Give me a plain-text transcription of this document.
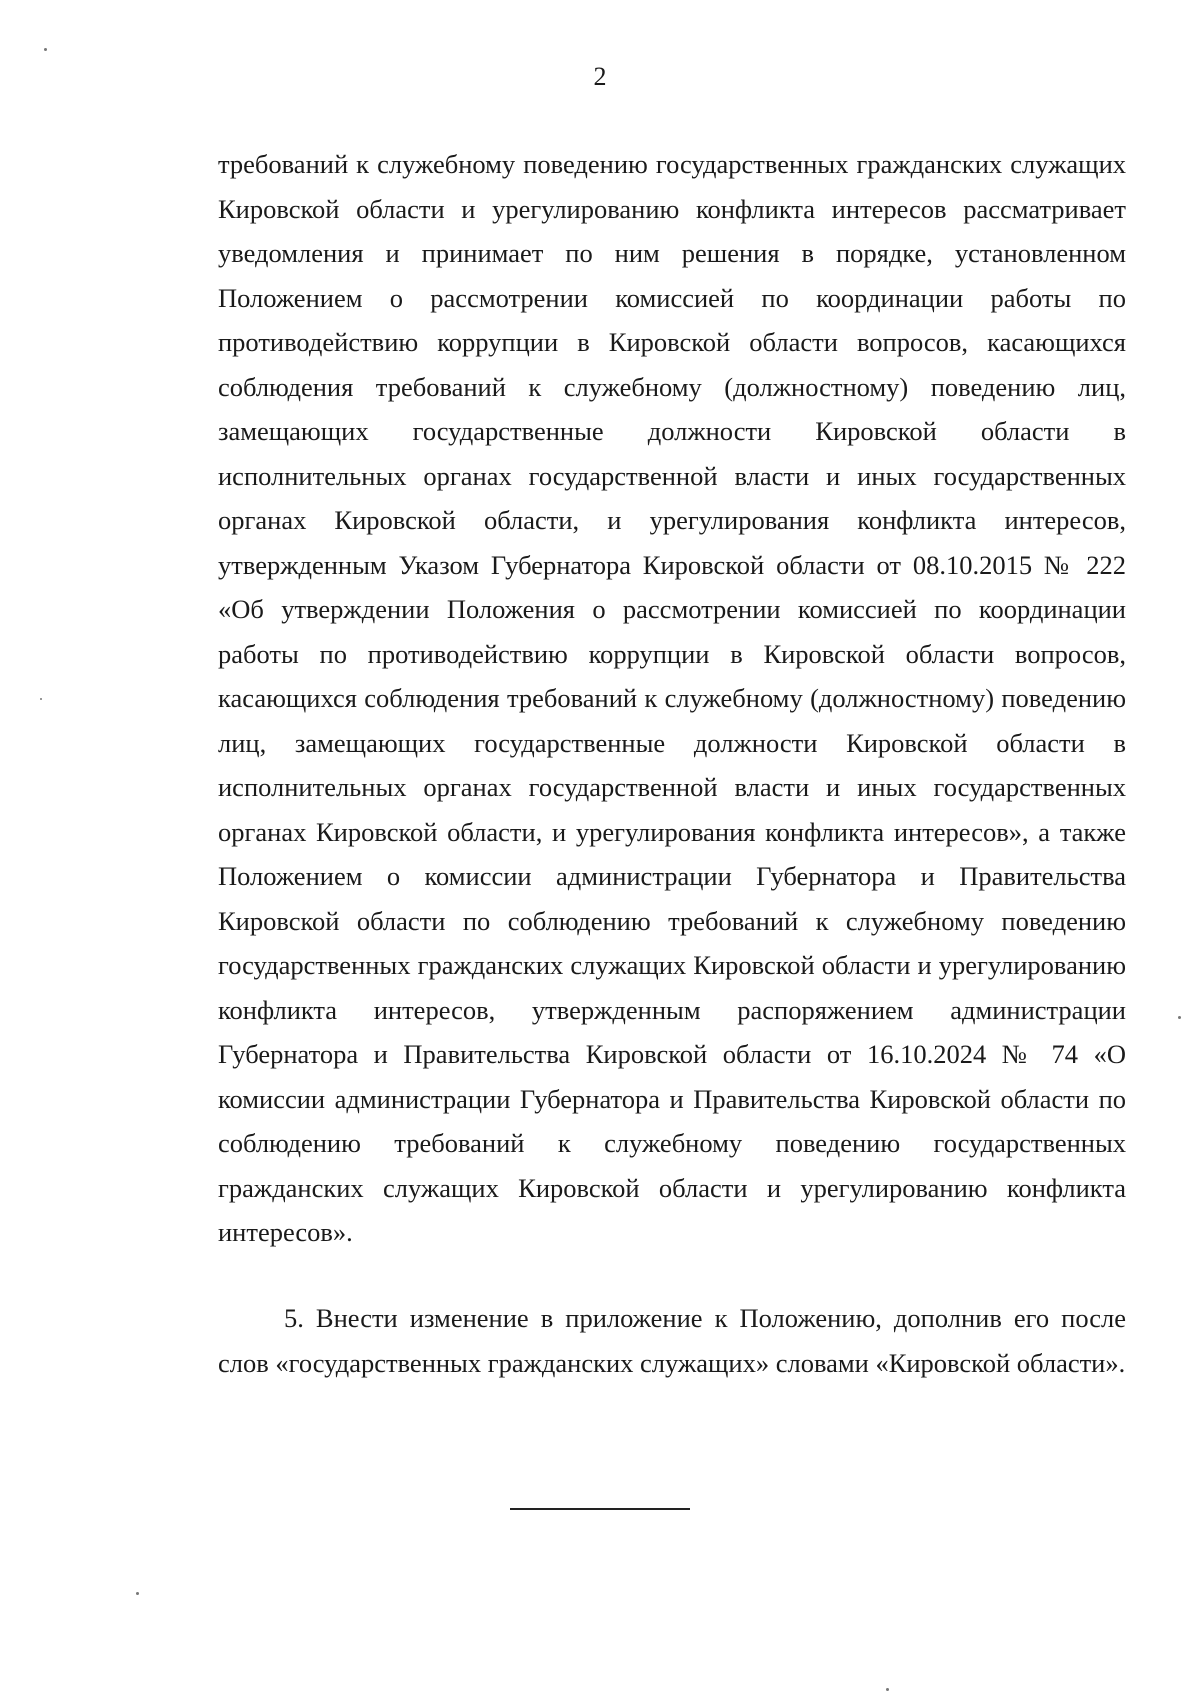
2

требований к служебному поведению государственных гражданских служащих Кировской области и урегулированию конфликта интересов рассматривает уведомления и принимает по ним решения в порядке, установленном Положением о рассмотрении комиссией по координации работы по противодействию коррупции в Кировской области вопросов, касающихся соблюдения требований к служебному (должностному) поведению лиц, замещающих государственные должности Кировской области в исполнительных органах государственной власти и иных государственных органах Кировской области, и урегулирования конфликта интересов, утвержденным Указом Губернатора Кировской области от 08.10.2015 № 222 «Об утверждении Положения о рассмотрении комиссией по координации работы по противодействию коррупции в Кировской области вопросов, касающихся соблюдения требований к служебному (должностному) поведению лиц, замещающих государственные должности Кировской области в исполнительных органах государственной власти и иных государственных органах Кировской области, и урегулирования конфликта интересов», а также Положением о комиссии администрации Губернатора и Правительства Кировской области по соблюдению требований к служебному поведению государственных гражданских служащих Кировской области и урегулированию конфликта интересов, утвержденным распоряжением администрации Губернатора и Правительства Кировской области от 16.10.2024 № 74 «О комиссии администрации Губернатора и Правительства Кировской области по соблюдению требований к служебному поведению государственных гражданских служащих Кировской области и урегулированию конфликта интересов».

5. Внести изменение в приложение к Положению, дополнив его после слов «государственных гражданских служащих» словами «Кировской области».
